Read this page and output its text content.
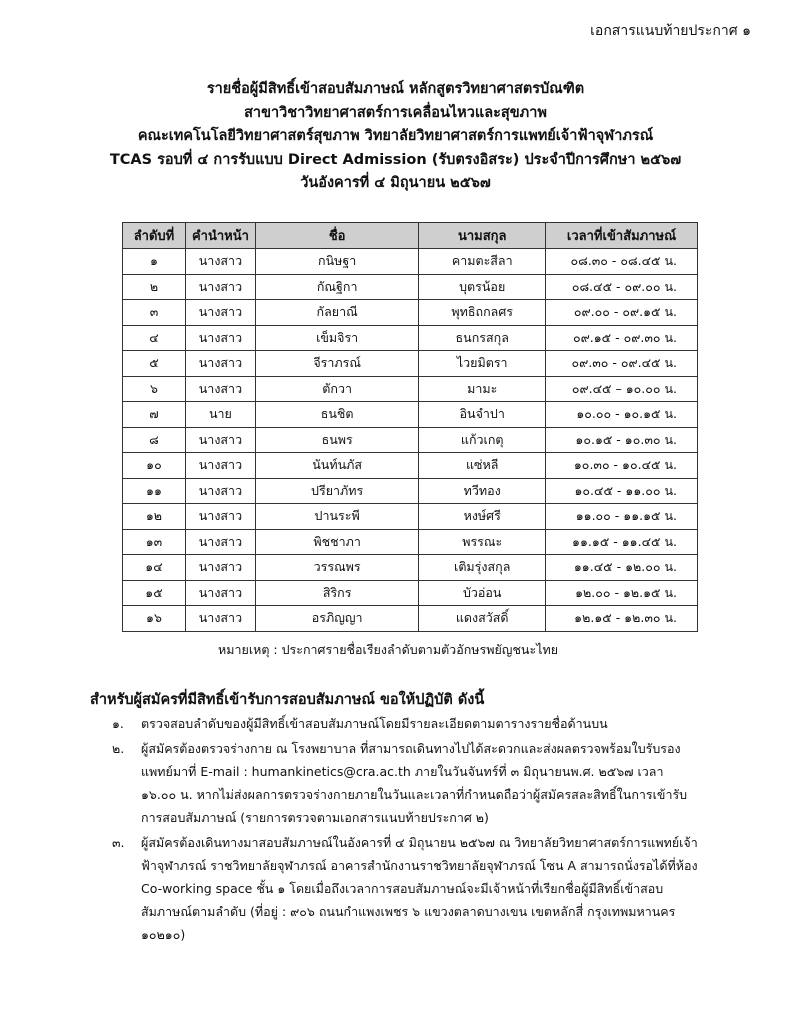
เอกสารแนบท้ายประกาศ ๑
รายชื่อผู้มีสิทธิ์เข้าสอบสัมภาษณ์ หลักสูตรวิทยาศาสตรบัณฑิต
สาขาวิชาวิทยาศาสตร์การเคลื่อนไหวและสุขภาพ
คณะเทคโนโลยีวิทยาศาสตร์สุขภาพ วิทยาลัยวิทยาศาสตร์การแพทย์เจ้าฟ้าจุฬาภรณ์
TCAS รอบที่ ๔ การรับแบบ Direct Admission (รับตรงอิสระ) ประจำปีการศึกษา ๒๕๖๗
วันอังคารที่ ๔ มิถุนายน ๒๕๖๗
ลำดับที่	คำนำหน้า	ชื่อ	นามสกุล	เวลาที่เข้าสัมภาษณ์
๑	นางสาว	กนิษฐา	คามตะสีลา	๐๘.๓๐ - ๐๘.๔๕ น.
๒	นางสาว	กัณฐิกา	บุตรน้อย	๐๘.๔๕ - ๐๙.๐๐ น.
๓	นางสาว	กัลยาณี	พุทธิถกลศร	๐๙.๐๐ - ๐๙.๑๕ น.
๔	นางสาว	เข็มจิรา	ธนกรสกุล	๐๙.๑๕ - ๐๙.๓๐ น.
๕	นางสาว	จีราภรณ์	ไวยมิตรา	๐๙.๓๐ - ๐๙.๔๕ น.
๖	นางสาว	ตักวา	มามะ	๐๙.๔๕ – ๑๐.๐๐ น.
๗	นาย	ธนชิต	อินจำปา	๑๐.๐๐ - ๑๐.๑๕ น.
๘	นางสาว	ธนพร	แก้วเกตุ	๑๐.๑๕ - ๑๐.๓๐ น.
๑๐	นางสาว	นันท์นภัส	แซ่หลี	๑๐.๓๐ - ๑๐.๔๕ น.
๑๑	นางสาว	ปรียาภัทร	ทวีทอง	๑๐.๔๕ - ๑๑.๐๐ น.
๑๒	นางสาว	ปานระพี	หงษ์ศรี	๑๑.๐๐ - ๑๑.๑๕ น.
๑๓	นางสาว	พิชชาภา	พรรณะ	๑๑.๑๕ - ๑๑.๔๕ น.
๑๔	นางสาว	วรรณพร	เติมรุ่งสกุล	๑๑.๔๕ - ๑๒.๐๐ น.
๑๕	นางสาว	สิริกร	บัวอ่อน	๑๒.๐๐ - ๑๒.๑๕ น.
๑๖	นางสาว	อรภิญญา	แดงสวัสดิ์	๑๒.๑๕ - ๑๒.๓๐ น.
หมายเหตุ : ประกาศรายชื่อเรียงลำดับตามตัวอักษรพยัญชนะไทย
สำหรับผู้สมัครที่มีสิทธิ์เข้ารับการสอบสัมภาษณ์ ขอให้ปฏิบัติ ดังนี้
๑. ตรวจสอบลำดับของผู้มีสิทธิ์เข้าสอบสัมภาษณ์โดยมีรายละเอียดตามตารางรายชื่อด้านบน
๒. ผู้สมัครต้องตรวจร่างกาย ณ โรงพยาบาล ที่สามารถเดินทางไปได้สะดวกและส่งผลตรวจพร้อมใบรับรองแพทย์มาที่ E-mail : humankinetics@cra.ac.th ภายในวันจันทร์ที่ ๓ มิถุนายนพ.ศ. ๒๕๖๗ เวลา ๑๖.๐๐ น. หากไม่ส่งผลการตรวจร่างกายภายในวันและเวลาที่กำหนดถือว่าผู้สมัครสละสิทธิ์ในการเข้ารับการสอบสัมภาษณ์ (รายการตรวจตามเอกสารแนบท้ายประกาศ ๒)
๓. ผู้สมัครต้องเดินทางมาสอบสัมภาษณ์ในอังคารที่ ๔ มิถุนายน ๒๕๖๗ ณ วิทยาลัยวิทยาศาสตร์การแพทย์เจ้าฟ้าจุฬาภรณ์ ราชวิทยาลัยจุฬาภรณ์ อาคารสำนักงานราชวิทยาลัยจุฬาภรณ์ โซน A สามารถนั่งรอได้ที่ห้อง Co-working space ชั้น ๑ โดยเมื่อถึงเวลาการสอบสัมภาษณ์จะมีเจ้าหน้าที่เรียกชื่อผู้มีสิทธิ์เข้าสอบสัมภาษณ์ตามลำดับ (ที่อยู่ : ๙๐๖ ถนนกำแพงเพชร ๖ แขวงตลาดบางเขน เขตหลักสี่ กรุงเทพมหานคร ๑๐๒๑๐)
